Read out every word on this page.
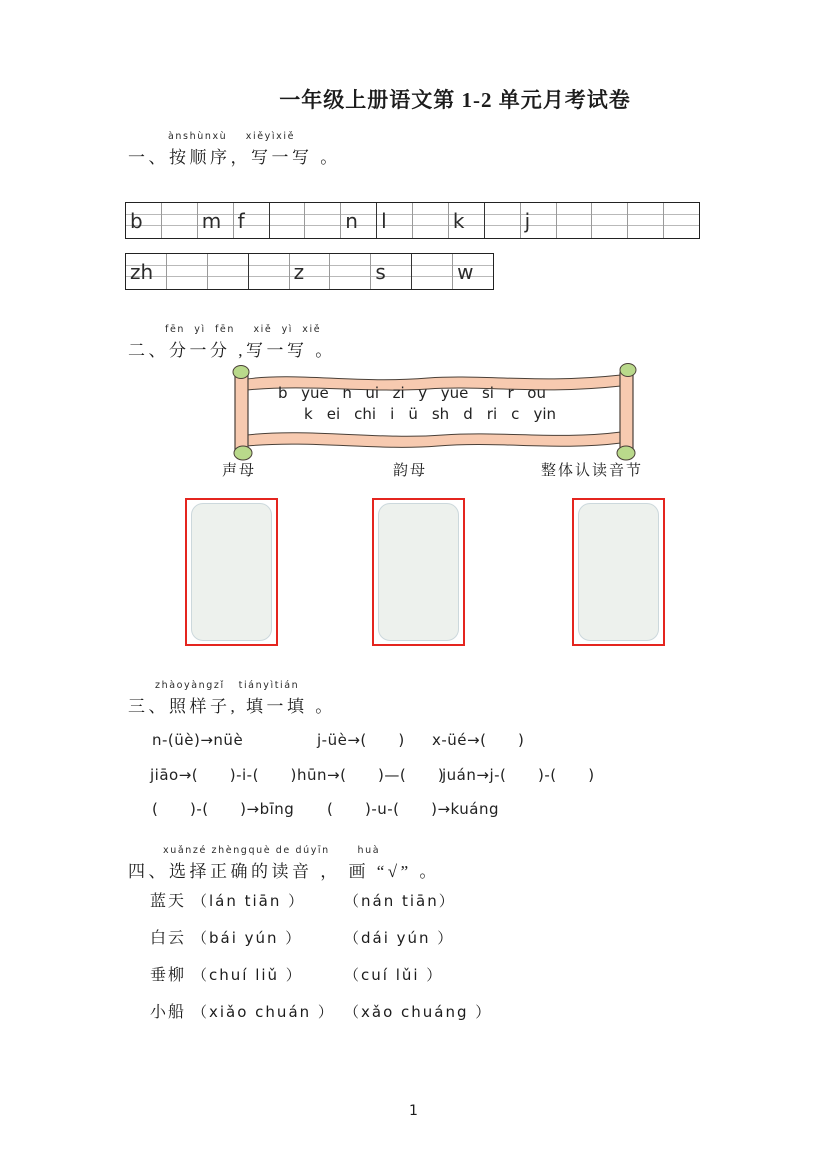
一年级上册语文第 1-2 单元月考试卷
ànshùnxù    xiěyìxiě
一、按顺序，写一写 。
b	m f	n l	k	j
zh	z	s	w
fēn  yì  fēn    xiě  yì  xiě
二、分一分 ,写一写 。
b yue n ui zi y yue si r ou
k ei chi i ü sh d ri c yin
声母	韵母	整体认读音节
zhàoyàngzǐ   tiányìtián
三、照样子, 填一填 。
n-(üè)→nüè	j-üè→(      ) x-üé→(      )
jiāo→(      )-i-(      ) hūn→(      )—(      )
juán→j-(      )-(      )
(      )-(      )→bīng (      )-u-(      )→kuáng
xuǎnzé zhèngquè de dúyīn      huà
四、选择正确的读音 ， 画 “√” 。
蓝天 （lán tiān ）	（nán tiān）
白云 （bái yún ）	（dái yún ）
垂柳 （chuí liǔ ）	（cuí lǔi ）
小船 （xiǎo chuán ） （xǎo chuáng ）
1
